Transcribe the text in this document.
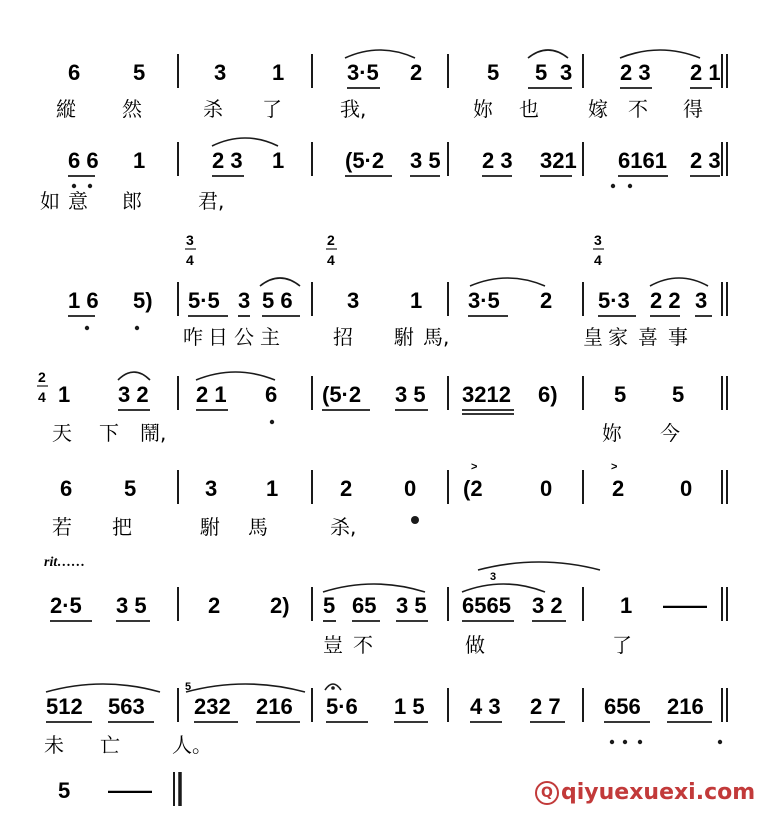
6 5	3 1	3·5 2	5 5 3 2 3 2 1
縱 然	杀 了	我,	妳 也 嫁 不 得
6 6 1	2 3 1	(5·2 3 5 2 3 321 6161 2 3
如 意 郎	君,
1 6 5) 5·5 3 5 6 3 1 3·5 2 5·3 2 2 3
咋 日 公 主	招 駙 馬,	皇 家 喜 事
3
4
2
4
3
4
1 3 2 2 1 6 (5·2 3 5 3212 6)	5 5
天 下 鬧,	妳 今
2
4
6 5	3 1	2 0 (2	0	2	0
若 把	駙 馬	杀,
2·5 3 5	2 2) 5 65 3 5 6565 3 2	1 ——
豈 不	做	了
512 563 232 216 5·6 1 5 4 3 2 7 656 216
未 亡	人。
rit……
>	>
3
5
5 ——	Q qiyuexuexi.com
